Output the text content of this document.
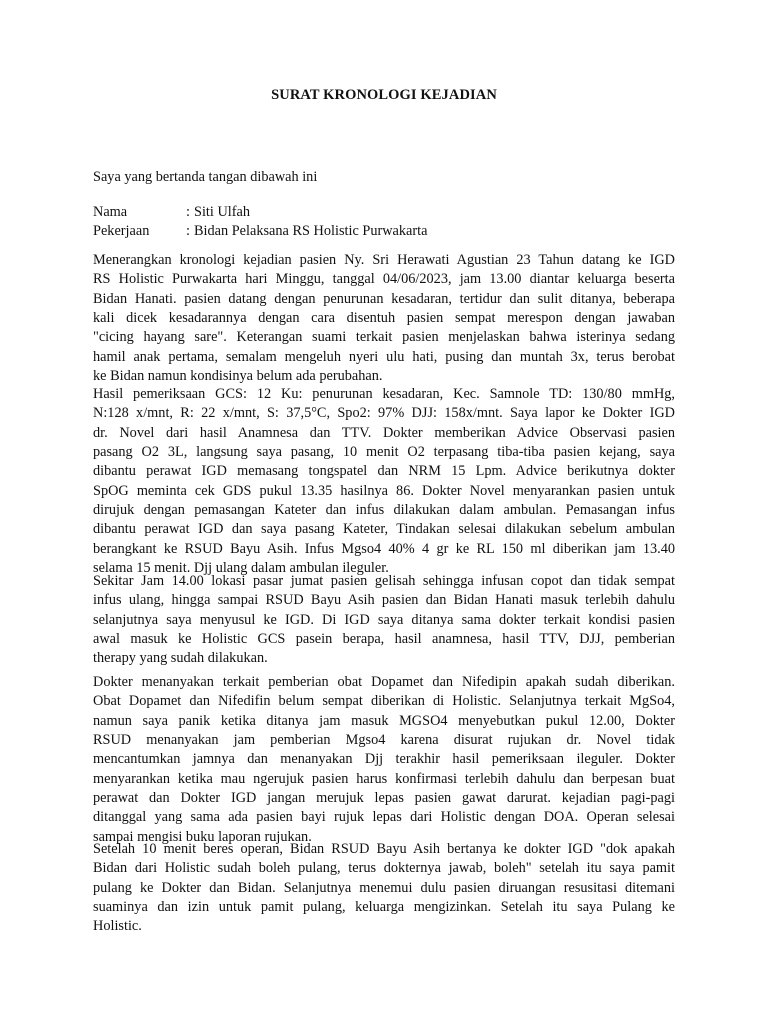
SURAT KRONOLOGI KEJADIAN
Saya yang bertanda tangan dibawah ini
Nama	: Siti Ulfah
Pekerjaan	: Bidan Pelaksana RS Holistic Purwakarta
Menerangkan kronologi kejadian pasien Ny. Sri Herawati Agustian 23 Tahun datang ke IGD
RS Holistic Purwakarta hari Minggu, tanggal 04/06/2023, jam 13.00 diantar keluarga beserta
Bidan Hanati. pasien datang dengan penurunan kesadaran, tertidur dan sulit ditanya, beberapa
kali dicek kesadarannya dengan cara disentuh pasien sempat merespon dengan jawaban
"cicing hayang sare". Keterangan suami terkait pasien menjelaskan bahwa isterinya sedang
hamil anak pertama, semalam mengeluh nyeri ulu hati, pusing dan muntah 3x, terus berobat
ke Bidan namun kondisinya belum ada perubahan.
Hasil pemeriksaan GCS: 12 Ku: penurunan kesadaran, Kec. Samnole TD: 130/80 mmHg,
N:128 x/mnt, R: 22 x/mnt, S: 37,5°C, Spo2: 97% DJJ: 158x/mnt. Saya lapor ke Dokter IGD
dr. Novel dari hasil Anamnesa dan TTV. Dokter memberikan Advice Observasi pasien
pasang O2 3L, langsung saya pasang, 10 menit O2 terpasang tiba-tiba pasien kejang, saya
dibantu perawat IGD memasang tongspatel dan NRM 15 Lpm. Advice berikutnya dokter
SpOG meminta cek GDS pukul 13.35 hasilnya 86. Dokter Novel menyarankan pasien untuk
dirujuk dengan pemasangan Kateter dan infus dilakukan dalam ambulan. Pemasangan infus
dibantu perawat IGD dan saya pasang Kateter, Tindakan selesai dilakukan sebelum ambulan
berangkant ke RSUD Bayu Asih. Infus Mgso4 40% 4 gr ke RL 150 ml diberikan jam 13.40
selama 15 menit. Djj ulang dalam ambulan ileguler.
Sekitar Jam 14.00 lokasi pasar jumat pasien gelisah sehingga infusan copot dan tidak sempat
infus ulang, hingga sampai RSUD Bayu Asih pasien dan Bidan Hanati masuk terlebih dahulu
selanjutnya saya menyusul ke IGD. Di IGD saya ditanya sama dokter terkait kondisi pasien
awal masuk ke Holistic GCS pasein berapa, hasil anamnesa, hasil TTV, DJJ, pemberian
therapy yang sudah dilakukan.
Dokter menanyakan terkait pemberian obat Dopamet dan Nifedipin apakah sudah diberikan.
Obat Dopamet dan Nifedifin belum sempat diberikan di Holistic. Selanjutnya terkait MgSo4,
namun saya panik ketika ditanya jam masuk MGSO4 menyebutkan pukul 12.00, Dokter
RSUD menanyakan jam pemberian Mgso4 karena disurat rujukan dr. Novel tidak
mencantumkan jamnya dan menanyakan Djj terakhir hasil pemeriksaan ileguler. Dokter
menyarankan ketika mau ngerujuk pasien harus konfirmasi terlebih dahulu dan berpesan buat
perawat dan Dokter IGD jangan merujuk lepas pasien gawat darurat. kejadian pagi-pagi
ditanggal yang sama ada pasien bayi rujuk lepas dari Holistic dengan DOA. Operan selesai
sampai mengisi buku laporan rujukan.
Setelah 10 menit beres operan, Bidan RSUD Bayu Asih bertanya ke dokter IGD "dok apakah
Bidan dari Holistic sudah boleh pulang, terus dokternya jawab, boleh" setelah itu saya pamit
pulang ke Dokter dan Bidan. Selanjutnya menemui dulu pasien diruangan resusitasi ditemani
suaminya dan izin untuk pamit pulang, keluarga mengizinkan. Setelah itu saya Pulang ke
Holistic.
